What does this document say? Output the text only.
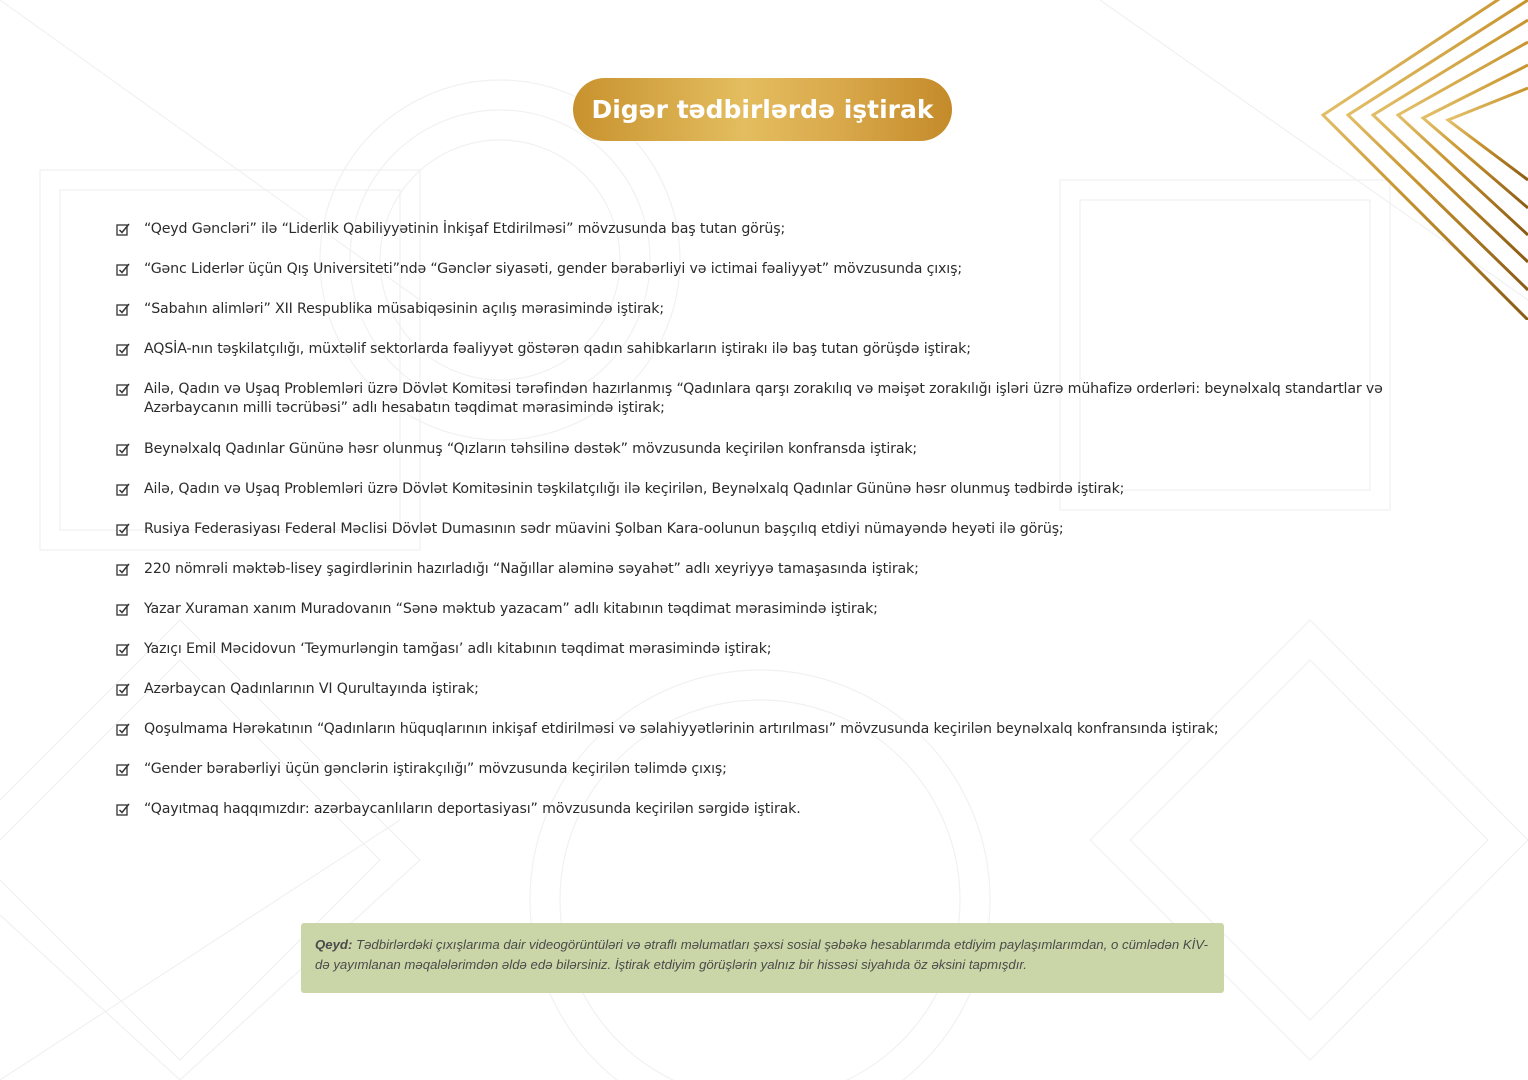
Digər tədbirlərdə iştirak
“Qeyd Gəncləri” ilə “Liderlik Qabiliyyətinin İnkişaf Etdirilməsi” mövzusunda baş tutan görüş;
“Gənc Liderlər üçün Qış Universiteti”ndə “Gənclər siyasəti, gender bərabərliyi və ictimai fəaliyyət” mövzusunda çıxış;
“Sabahın alimləri” XII Respublika müsabiqəsinin açılış mərasimində iştirak;
AQSİA-nın təşkilatçılığı, müxtəlif sektorlarda fəaliyyət göstərən qadın sahibkarların iştirakı ilə baş tutan görüşdə iştirak;
Ailə, Qadın və Uşaq Problemləri üzrə Dövlət Komitəsi tərəfindən hazırlanmış “Qadınlara qarşı zorakılıq və məişət zorakılığı işləri üzrə mühafizə orderləri: beynəlxalq standartlar və Azərbaycanın milli təcrübəsi” adlı hesabatın təqdimat mərasimində iştirak;
Beynəlxalq Qadınlar Gününə həsr olunmuş “Qızların təhsilinə dəstək” mövzusunda keçirilən konfransda iştirak;
Ailə, Qadın və Uşaq Problemləri üzrə Dövlət Komitəsinin təşkilatçılığı ilə keçirilən, Beynəlxalq Qadınlar Gününə həsr olunmuş tədbirdə iştirak;
Rusiya Federasiyası Federal Məclisi Dövlət Dumasının sədr müavini Şolban Kara-oolunun başçılıq etdiyi nümayəndə heyəti ilə görüş;
220 nömrəli məktəb-lisey şagirdlərinin hazırladığı “Nağıllar aləminə səyahət” adlı xeyriyyə tamaşasında iştirak;
Yazar Xuraman xanım Muradovanın “Sənə məktub yazacam” adlı kitabının təqdimat mərasimində iştirak;
Yazıçı Emil Məcidovun ‘Teymurləngin tamğası’ adlı kitabının təqdimat mərasimində iştirak;
Azərbaycan Qadınlarının VI Qurultayında iştirak;
Qoşulmama Hərəkatının “Qadınların hüquqlarının inkişaf etdirilməsi və səlahiyyətlərinin artırılması” mövzusunda keçirilən beynəlxalq konfransında iştirak;
“Gender bərabərliyi üçün gənclərin iştirakçılığı” mövzusunda keçirilən təlimdə çıxış;
“Qayıtmaq haqqımızdır: azərbaycanlıların deportasiyası” mövzusunda keçirilən sərgidə iştirak.
Qeyd: Tədbirlərdəki çıxışlarıma dair videogörüntüləri və ətraflı məlumatları şəxsi sosial şəbəkə hesablarımda etdiyim paylaşımlarımdan, o cümlədən KİV-də yayımlanan məqalələrimdən əldə edə bilərsiniz. İştirak etdiyim görüşlərin yalnız bir hissəsi siyahıda öz əksini tapmışdır.
